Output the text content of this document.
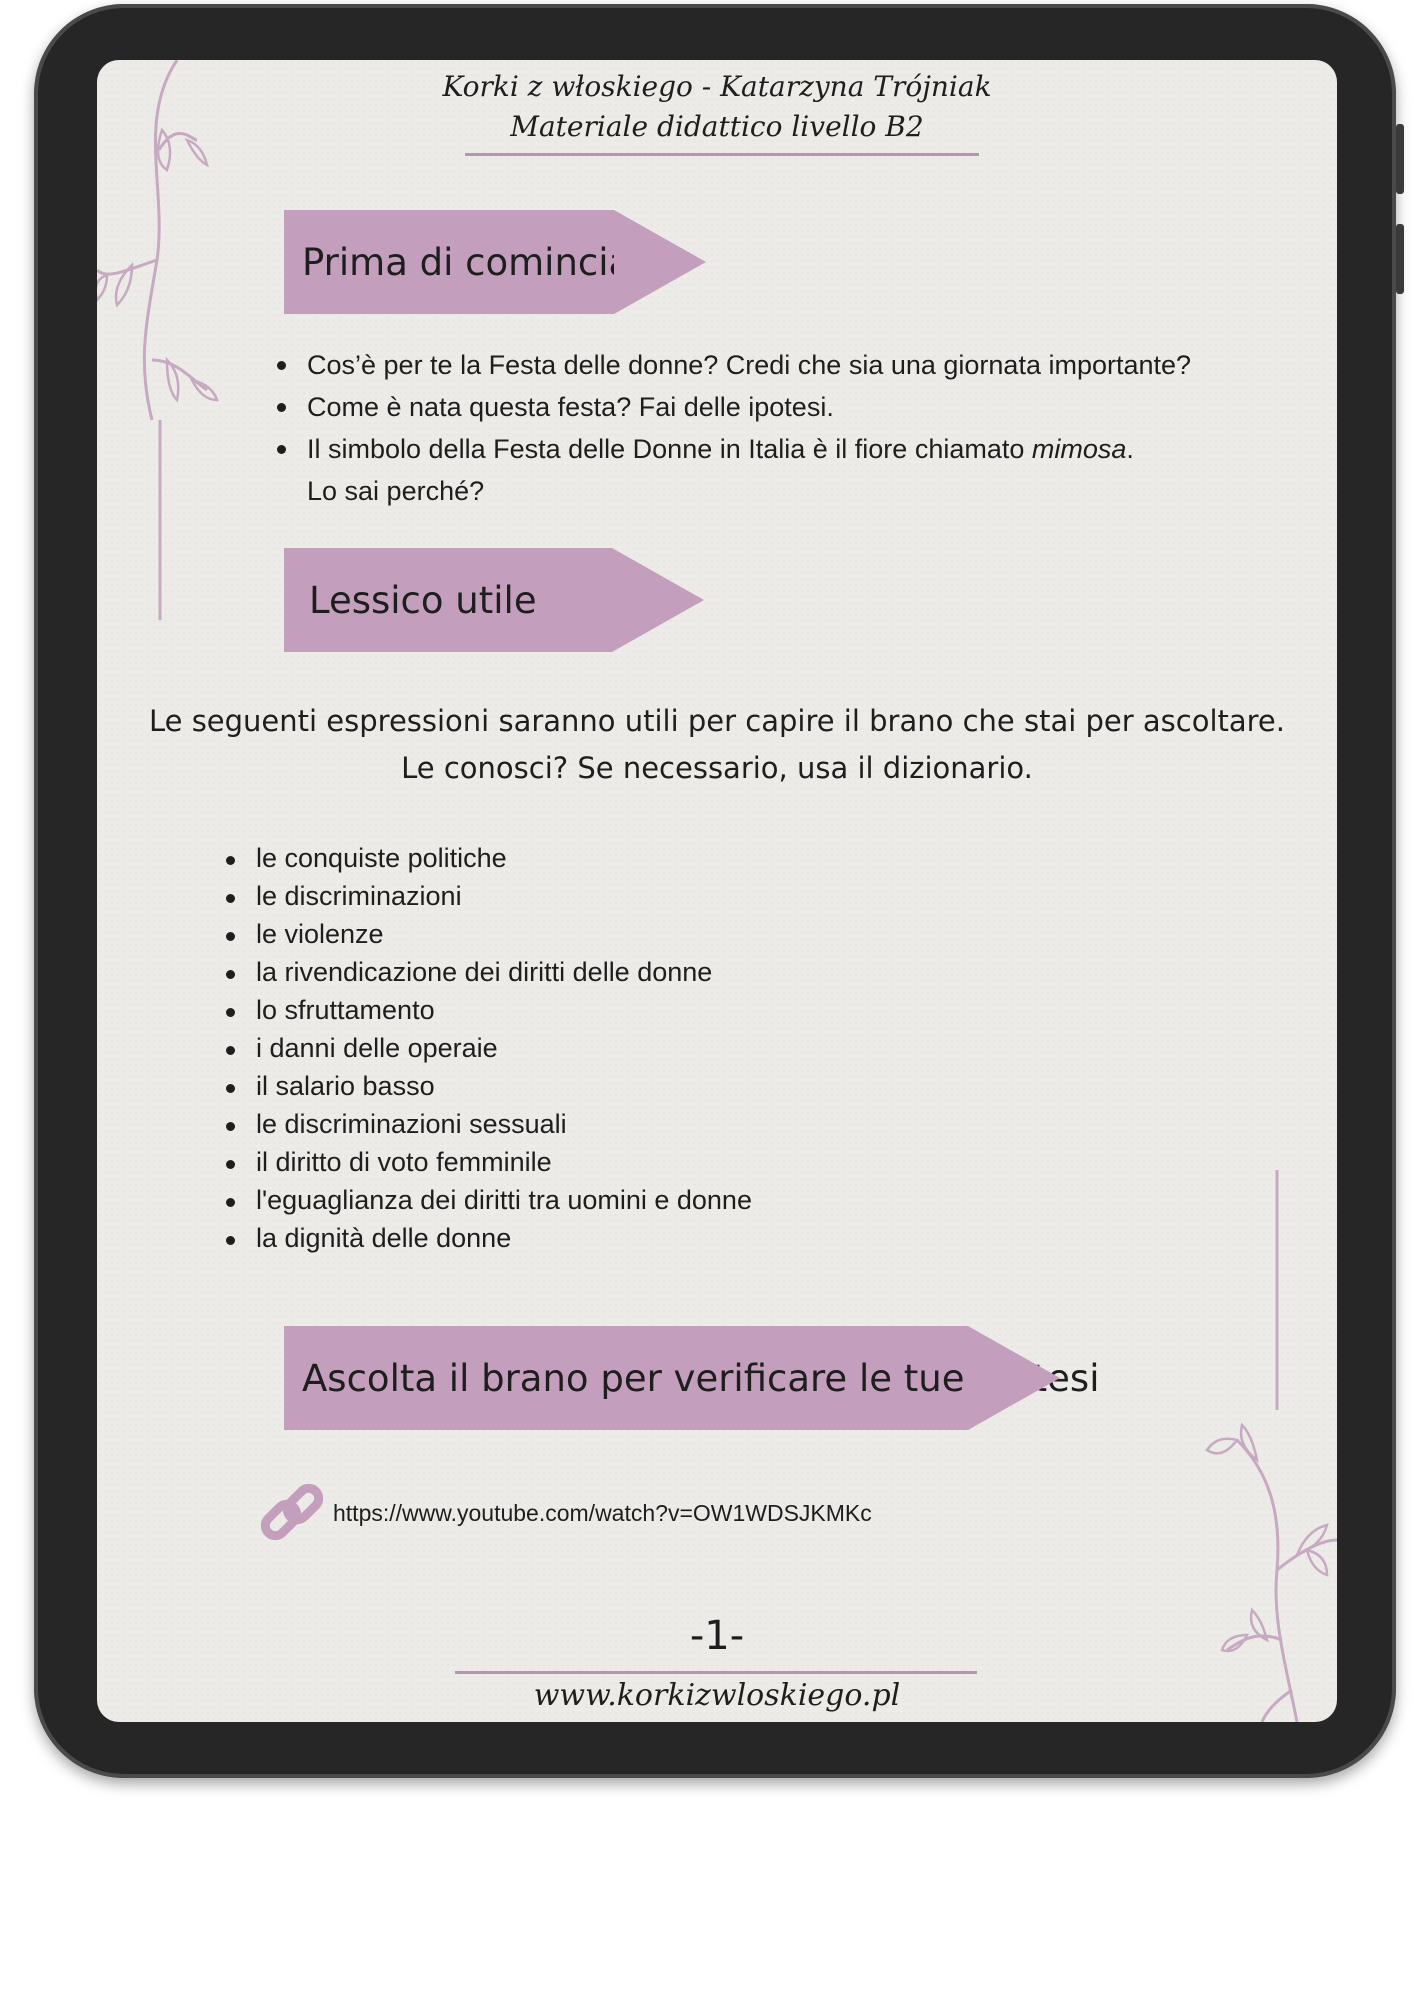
Korki z włoskiego - Katarzyna Trójniak
Materiale didattico livello B2
Prima di cominciare
Cos’è per te la Festa delle donne? Credi che sia una giornata importante?
Come è nata questa festa? Fai delle ipotesi.
Il simbolo della Festa delle Donne in Italia è il fiore chiamato mimosa.
Lo sai perché?
Lessico utile
Le seguenti espressioni saranno utili per capire il brano che stai per ascoltare.
Le conosci? Se necessario, usa il dizionario.
le conquiste politiche
le discriminazioni
le violenze
la rivendicazione dei diritti delle donne
lo sfruttamento
i danni delle operaie
il salario basso
le discriminazioni sessuali
il diritto di voto femminile
l'eguaglianza dei diritti tra uomini e donne
la dignità delle donne
Ascolta il brano per verificare le tue ipotesi
https://www.youtube.com/watch?v=OW1WDSJKMKc
-1-
www.korkizwloskiego.pl
